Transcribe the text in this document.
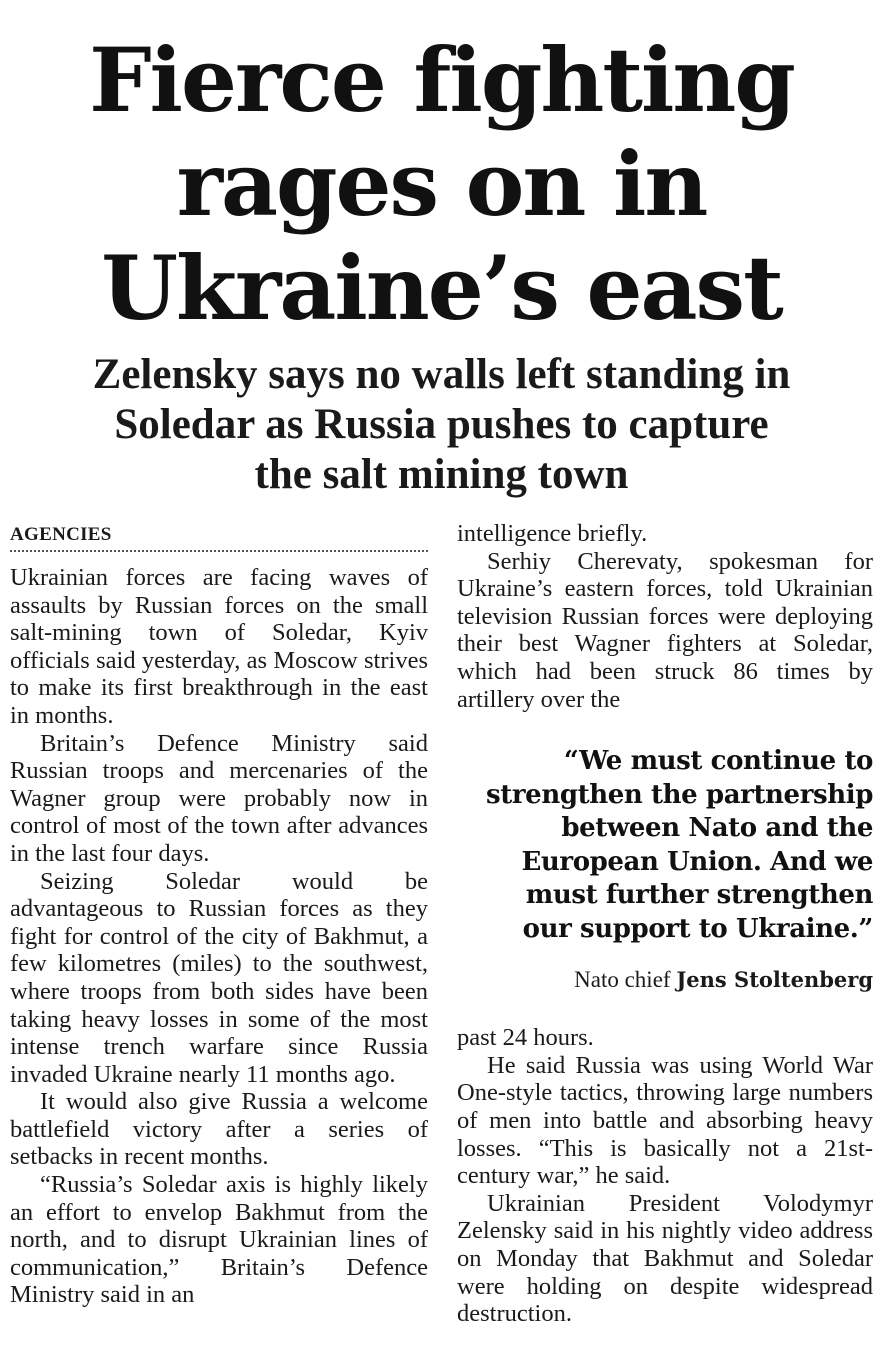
Fierce fighting
rages on in
Ukraine’s east
Zelensky says no walls left standing in
Soledar as Russia pushes to capture
the salt mining town
AGENCIES

Ukrainian forces are facing waves of assaults by Russian forces on the small salt-mining town of Soledar, Kyiv officials said yesterday, as Moscow strives to make its first breakthrough in the east in months.

Britain’s Defence Ministry said Russian troops and mercenaries of the Wagner group were probably now in control of most of the town after advances in the last four days.

Seizing Soledar would be advantageous to Russian forces as they fight for control of the city of Bakhmut, a few kilometres (miles) to the southwest, where troops from both sides have been taking heavy losses in some of the most intense trench warfare since Russia invaded Ukraine nearly 11 months ago.

It would also give Russia a welcome battlefield victory after a series of setbacks in recent months.

“Russia’s Soledar axis is highly likely an effort to envelop Bakhmut from the north, and to disrupt Ukrainian lines of communication,” Britain’s Defence Ministry said in an

intelligence briefly.

Serhiy Cherevaty, spokesman for Ukraine’s eastern forces, told Ukrainian television Russian forces were deploying their best Wagner fighters at Soledar, which had been struck 86 times by artillery over the

“We must continue to
strengthen the partnership
between Nato and the
European Union. And we
must further strengthen
our support to Ukraine.”
Nato chief Jens Stoltenberg

past 24 hours.

He said Russia was using World War One-style tactics, throwing large numbers of men into battle and absorbing heavy losses. “This is basically not a 21st-century war,” he said.

Ukrainian President Volodymyr Zelensky said in his nightly video address on Monday that Bakhmut and Soledar were holding on despite widespread destruction.
